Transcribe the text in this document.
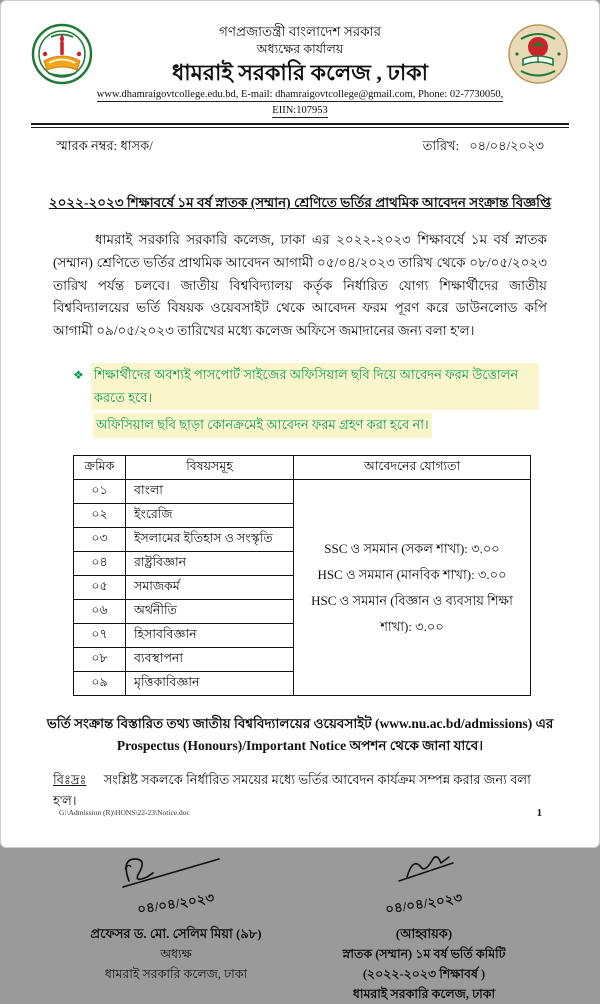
গণপ্রজাতন্ত্রী বাংলাদেশ সরকার
অধ্যক্ষের কার্যালয়
ধামরাই সরকারি কলেজ , ঢাকা
www.dhamraigovtcollege.edu.bd, E-mail: dhamraigovtcollege@gmail.com, Phone: 02-7730050, EIIN:107953
স্মারক নম্বর: ধাসক/	তারিখ: ০৪/০৪/২০২৩
২০২২-২০২৩ শিক্ষাবর্ষে ১ম বর্ষ স্নাতক (সম্মান) শ্রেণিতে ভর্তির প্রাথমিক আবেদন সংক্রান্ত বিজ্ঞপ্তি

ধামরাই সরকারি সরকারি কলেজ, ঢাকা এর ২০২২-২০২৩ শিক্ষাবর্ষে ১ম বর্ষ স্নাতক (সম্মান) শ্রেণিতে ভর্তির প্রাথমিক আবেদন আগামী ০৫/০৪/২০২৩ তারিখ থেকে ০৮/০৫/২০২৩ তারিখ পর্যন্ত চলবে। জাতীয় বিশ্ববিদ্যালয় কর্তৃক নির্ধারিত যোগ্য শিক্ষার্থীদের জাতীয় বিশ্ববিদ্যালয়ের ভর্তি বিষয়ক ওয়েবসাইট থেকে আবেদন ফরম পূরণ করে ডাউনলোড কপি আগামী ০৯/০৫/২০২৩ তারিখের মধ্যে কলেজ অফিসে জমাদানের জন্য বলা হ'ল।

❖ শিক্ষার্থীদের অবশ্যই পাসপোর্ট সাইজের অফিসিয়াল ছবি দিয়ে আবেদন ফরম উত্তোলন করতে হবে।
অফিসিয়াল ছবি ছাড়া কোনক্রমেই আবেদন ফরম গ্রহণ করা হবে না।
ক্রমিক	বিষয়সমূহ	আবেদনের যোগ্যতা
০১	বাংলা	SSC ও সমমান (সকল শাখা): ৩.০০
HSC ও সমমান (মানবিক শাখা): ৩.০০
HSC ও সমমান (বিজ্ঞান ও ব্যবসায় শিক্ষা শাখা): ৩.০০

০২	ইংরেজি	
০৩	ইসলামের ইতিহাস ও সংস্কৃতি	
০৪	রাষ্ট্রবিজ্ঞান	
০৫	সমাজকর্ম	
০৬	অর্থনীতি	
০৭	হিসাববিজ্ঞান	
০৮	ব্যবস্থাপনা	
০৯	মৃত্তিকাবিজ্ঞান	

ভর্তি সংক্রান্ত বিস্তারিত তথ্য জাতীয় বিশ্ববিদ্যালয়ের ওয়েবসাইট (www.nu.ac.bd/admissions) এর Prospectus (Honours)/Important Notice অপশন থেকে জানা যাবে।

বিঃদ্রঃ সংশ্লিষ্ট সকলকে নির্ধারিত সময়ের মধ্যে ভর্তির আবেদন কার্যক্রম সম্পন্ন করার জন্য বলা হ'ল।
০৪/০৪/২০২৩
প্রফেসর ড. মো. সেলিম মিয়া (৯৮)
অধ্যক্ষ
ধামরাই সরকারি কলেজ, ঢাকা
০৪/০৪/২০২৩
(আহ্বায়ক)
স্নাতক (সম্মান) ১ম বর্ষ ভর্তি কমিটি
(২০২২-২০২৩ শিক্ষাবর্ষ )
ধামরাই সরকারি কলেজ, ঢাকা
G:\Admission (R)\HONS\22-23\Notice.doc	1
